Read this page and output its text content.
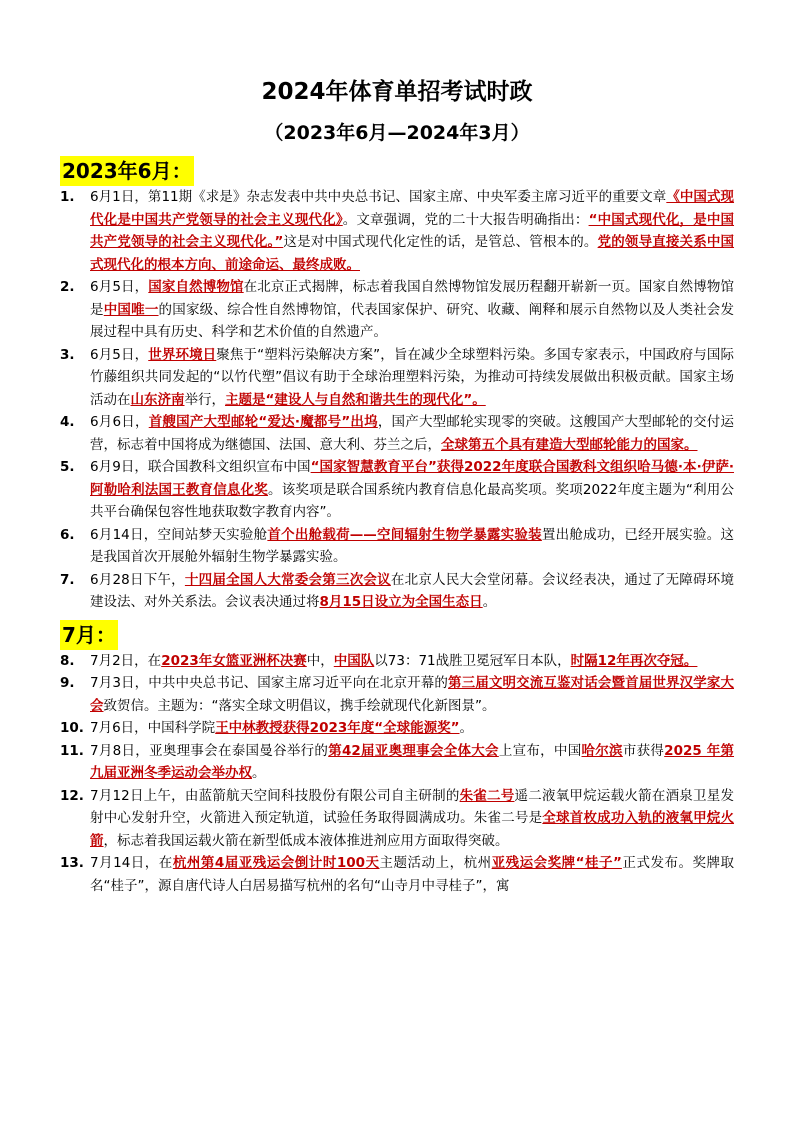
2024年体育单招考试时政
（2023年6月—2024年3月）
2023年6月：
1. 6月1日，第11期《求是》杂志发表中共中央总书记、国家主席、中央军委主席习近平的重要文章《中国式现代化是中国共产党领导的社会主义现代化》。文章强调，党的二十大报告明确指出：“中国式现代化，是中国共产党领导的社会主义现代化。”这是对中国式现代化定性的话，是管总、管根本的。党的领导直接关系中国式现代化的根本方向、前途命运、最终成败。
2. 6月5日，国家自然博物馆在北京正式揭牌，标志着我国自然博物馆发展历程翻开崭新一页。国家自然博物馆是中国唯一的国家级、综合性自然博物馆，代表国家保护、研究、收藏、阐释和展示自然物以及人类社会发展过程中具有历史、科学和艺术价值的自然遗产。
3. 6月5日，世界环境日聚焦于“塑料污染解决方案”，旨在减少全球塑料污染。多国专家表示，中国政府与国际竹藤组织共同发起的“以竹代塑”倡议有助于全球治理塑料污染，为推动可持续发展做出积极贡献。国家主场活动在山东济南举行，主题是“建设人与自然和谐共生的现代化”。
4. 6月6日，首艘国产大型邮轮“爱达·魔都号”出坞，国产大型邮轮实现零的突破。这艘国产大型邮轮的交付运营，标志着中国将成为继德国、法国、意大利、芬兰之后，全球第五个具有建造大型邮轮能力的国家。
5. 6月9日，联合国教科文组织宣布中国“国家智慧教育平台”获得2022年度联合国教科文组织哈马德·本·伊萨·阿勒哈利法国王教育信息化奖。该奖项是联合国系统内教育信息化最高奖项。奖项2022年度主题为“利用公共平台确保包容性地获取数字教育内容”。
6. 6月14日，空间站梦天实验舱首个出舱载荷——空间辐射生物学暴露实验装置出舱成功，已经开展实验。这是我国首次开展舱外辐射生物学暴露实验。
7. 6月28日下午，十四届全国人大常委会第三次会议在北京人民大会堂闭幕。会议经表决，通过了无障碍环境建设法、对外关系法。会议表决通过将8月15日设立为全国生态日。
7月：
8. 7月2日，在2023年女篮亚洲杯决赛中，中国队以73：71战胜卫冕冠军日本队，时隔12年再次夺冠。
9. 7月3日，中共中央总书记、国家主席习近平向在北京开幕的第三届文明交流互鉴对话会暨首届世界汉学家大会致贺信。主题为：“落实全球文明倡议，携手绘就现代化新图景”。
10. 7月6日，中国科学院王中林教授获得2023年度“全球能源奖”。
11. 7月8日，亚奥理事会在泰国曼谷举行的第42届亚奥理事会全体大会上宣布，中国哈尔滨市获得2025 年第九届亚洲冬季运动会举办权。
12. 7月12日上午，由蓝箭航天空间科技股份有限公司自主研制的朱雀二号遥二液氧甲烷运载火箭在酒泉卫星发射中心发射升空，火箭进入预定轨道，试验任务取得圆满成功。朱雀二号是全球首枚成功入轨的液氧甲烷火箭，标志着我国运载火箭在新型低成本液体推进剂应用方面取得突破。
13. 7月14日，在杭州第4届亚残运会倒计时100天主题活动上，杭州亚残运会奖牌“桂子”正式发布。奖牌取名“桂子”，源自唐代诗人白居易描写杭州的名句“山寺月中寻桂子”，寓
